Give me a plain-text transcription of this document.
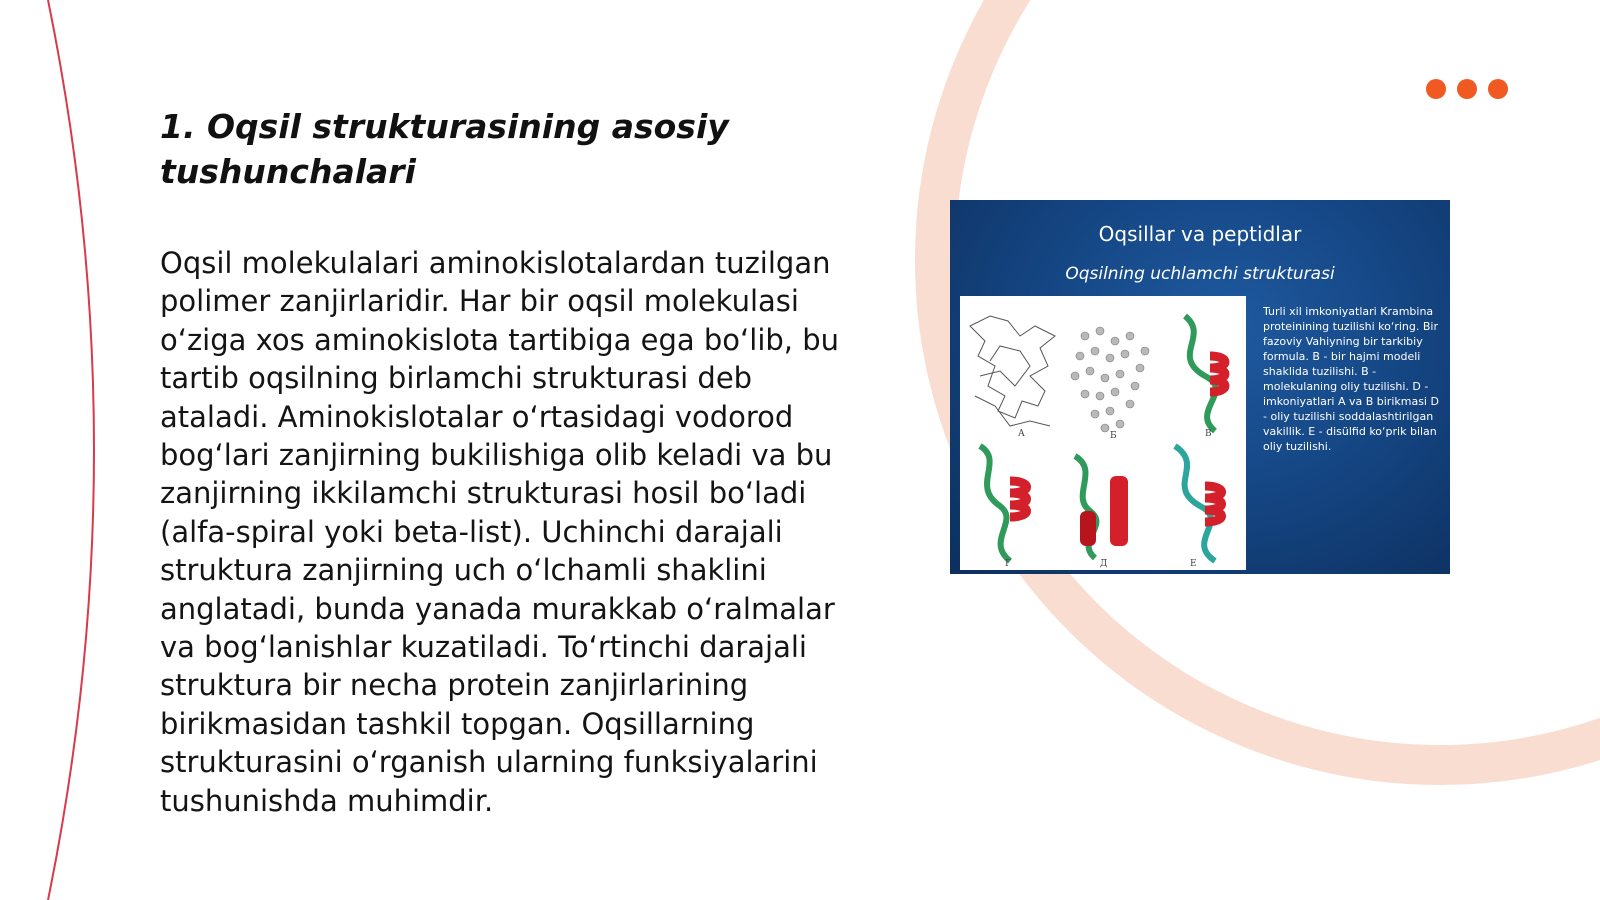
1. Oqsil strukturasining asosiy tushunchalari

Oqsil molekulalari aminokislotalardan tuzilgan polimer zanjirlaridir. Har bir oqsil molekulasi o‘ziga xos aminokislota tartibiga ega bo‘lib, bu tartib oqsilning birlamchi strukturasi deb ataladi. Aminokislotalar o‘rtasidagi vodorod bog‘lari zanjirning bukilishiga olib keladi va bu zanjirning ikkilamchi strukturasi hosil bo‘ladi (alfa-spiral yoki beta-list). Uchinchi darajali struktura zanjirning uch o‘lchamli shaklini anglatadi, bunda yanada murakkab o‘ralmalar va bog‘lanishlar kuzatiladi. To‘rtinchi darajali struktura bir necha protein zanjirlarining birikmasidan tashkil topgan. Oqsillarning strukturasini o‘rganish ularning funksiyalarini tushunishda muhimdir.

Oqsillar va peptidlar
Oqsilning uchlamchi strukturasi
А	Б	В
Г	Д	Е

Turli xil imkoniyatlari Krambina proteinining tuzilishi ko‘ring. Bir fazoviy Vahiyning bir tarkibiy formula. B - bir hajmi modeli shaklida tuzilishi. B - molekulaning oliy tuzilishi. D - imkoniyatlari A va B birikmasi D - oliy tuzilishi soddalashtirilgan vakillik. E - disülfid ko‘prik bilan oliy tuzilishi.
